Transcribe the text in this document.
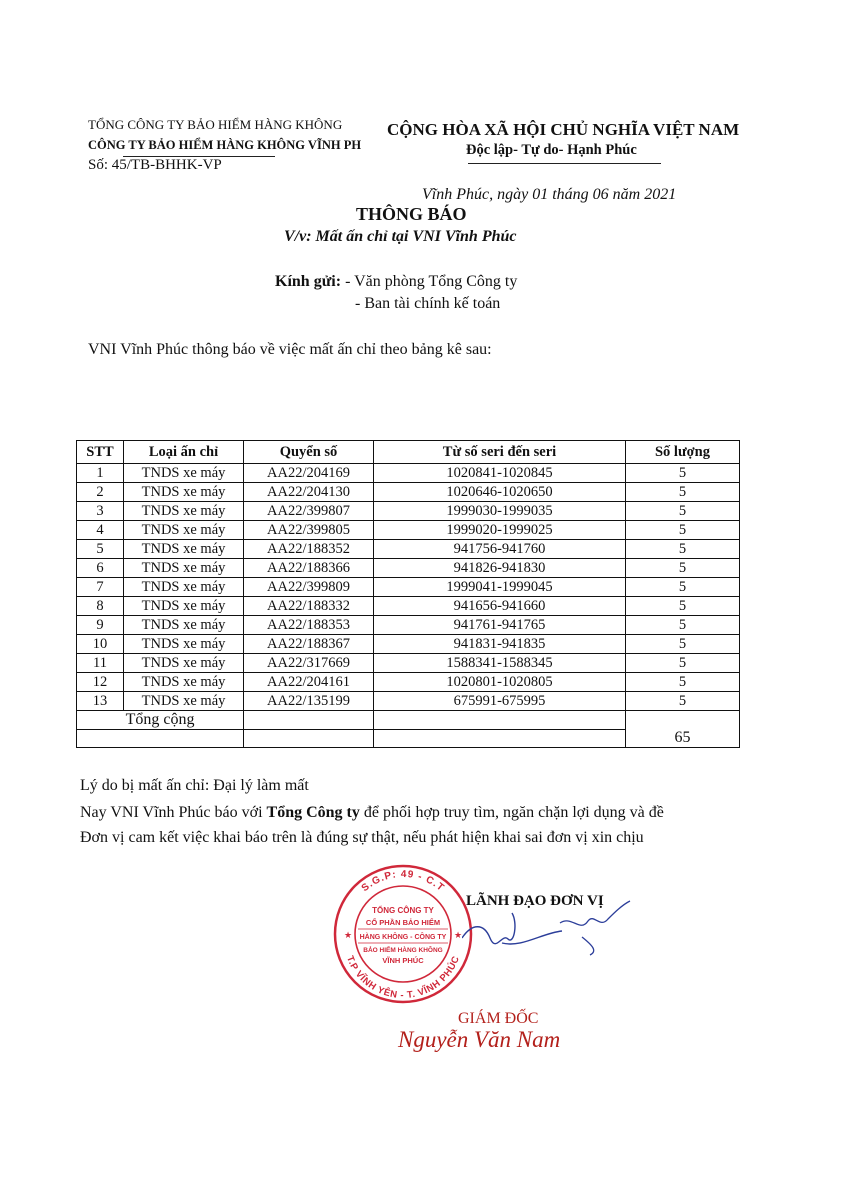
TỔNG CÔNG TY BẢO HIỂM HÀNG KHÔNG
CÔNG TY BẢO HIỂM HÀNG KHÔNG VĨNH PH
Số: 45/TB-BHHK-VP
CỘNG HÒA XÃ HỘI CHỦ NGHĨA VIỆT NAM
Độc lập- Tự do- Hạnh Phúc
Vĩnh Phúc, ngày 01 tháng 06 năm 2021
THÔNG BÁO
V/v: Mất ấn chỉ tại VNI Vĩnh Phúc
Kính gửi: - Văn phòng Tổng Công ty
- Ban tài chính kế toán
VNI Vĩnh Phúc thông báo về việc mất ấn chỉ theo bảng kê sau:
STT	Loại ấn chỉ	Quyển số	Từ số seri đến seri	Số lượng
1	TNDS xe máy	AA22/204169	1020841-1020845	5
2	TNDS xe máy	AA22/204130	1020646-1020650	5
3	TNDS xe máy	AA22/399807	1999030-1999035	5
4	TNDS xe máy	AA22/399805	1999020-1999025	5
5	TNDS xe máy	AA22/188352	941756-941760	5
6	TNDS xe máy	AA22/188366	941826-941830	5
7	TNDS xe máy	AA22/399809	1999041-1999045	5
8	TNDS xe máy	AA22/188332	941656-941660	5
9	TNDS xe máy	AA22/188353	941761-941765	5
10	TNDS xe máy	AA22/188367	941831-941835	5
11	TNDS xe máy	AA22/317669	1588341-1588345	5
12	TNDS xe máy	AA22/204161	1020801-1020805	5
13	TNDS xe máy	AA22/135199	675991-675995	5
Tổng cộng				65

Lý do bị mất ấn chỉ: Đại lý làm mất
Nay VNI Vĩnh Phúc báo với Tổng Công ty để phối hợp truy tìm, ngăn chặn lợi dụng và đề
Đơn vị cam kết việc khai báo trên là đúng sự thật, nếu phát hiện khai sai đơn vị xin chịu
S.G.P: 49 - C.T
T.P VĨNH YÊN - T. VĨNH PHÚC
TỔNG CÔNG TY
CỔ PHẦN BẢO HIỂM
HÀNG KHÔNG - CÔNG TY
BẢO HIỂM HÀNG KHÔNG
VĨNH PHÚC
★	★
LÃNH ĐẠO ĐƠN VỊ
GIÁM ĐỐC
Nguyễn Văn Nam
